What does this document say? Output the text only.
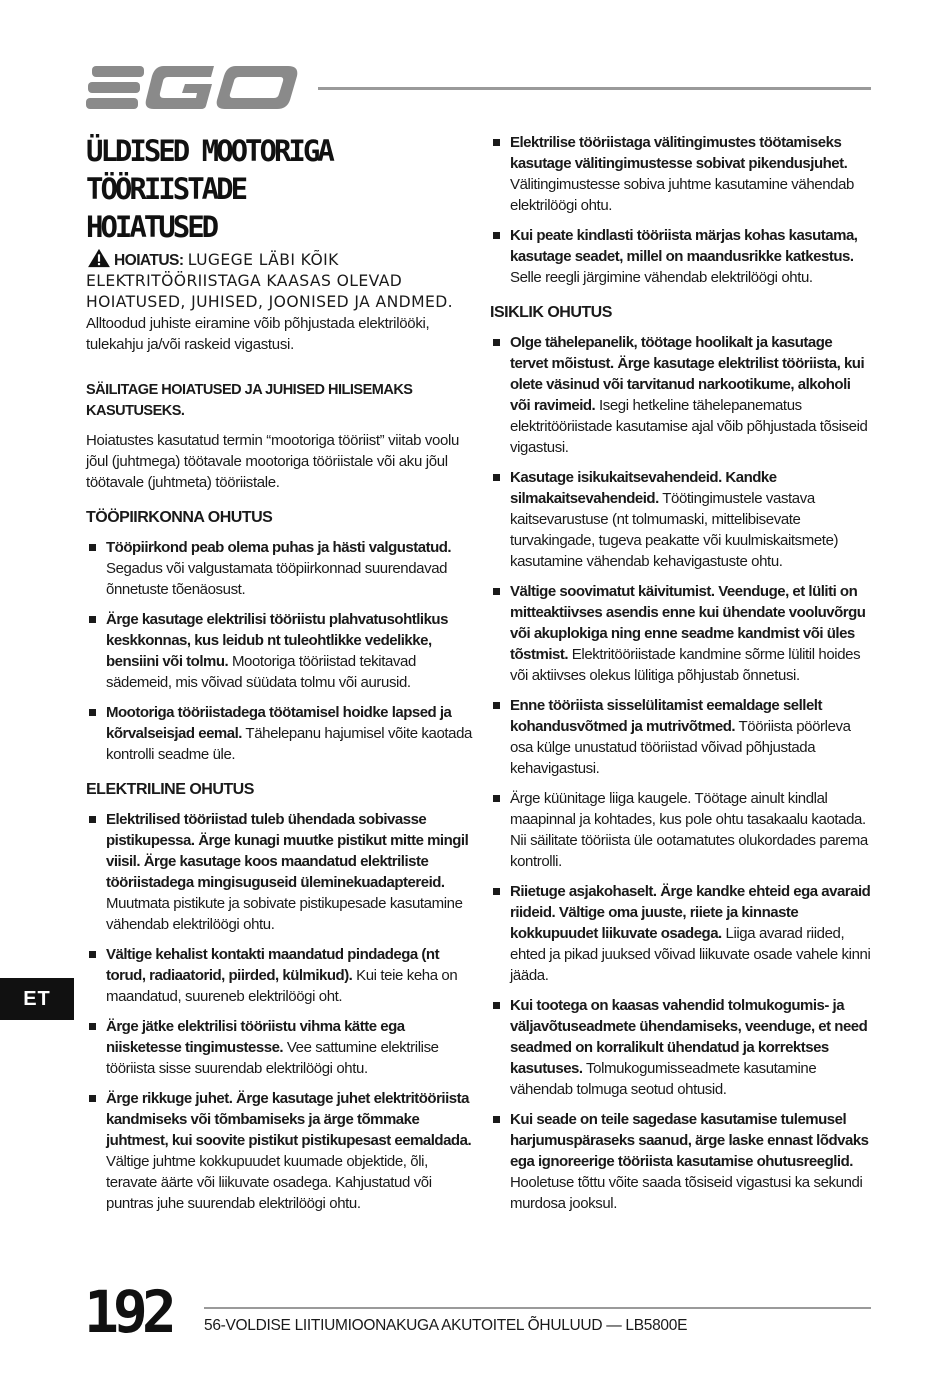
ÜLDISED MOOTORIGA TÖÖRIISTADE
HOIATUSED
HOIATUS: LUGEGE LÄBI KÕIK ELEKTRITÖÖRIISTAGA KAASAS OLEVAD HOIATUSED, JUHISED, JOONISED JA ANDMED. Alltoodud juhiste eiramine võib põhjustada elektrilööki, tulekahju ja/või raskeid vigastusi.

SÄILITAGE HOIATUSED JA JUHISED HILISEMAKS KASUTUSEKS.

Hoiatustes kasutatud termin “mootoriga tööriist” viitab voolu jõul (juhtmega) töötavale mootoriga tööriistale või aku jõul töötavale (juhtmeta) tööriistale.

TÖÖPIIRKONNA OHUTUS

Tööpiirkond peab olema puhas ja hästi valgustatud. Segadus või valgustamata tööpiirkonnad suurendavad õnnetuste tõenäosust.
Ärge kasutage elektrilisi tööriistu plahvatusohtlikus keskkonnas, kus leidub nt tuleohtlikke vedelikke, bensiini või tolmu. Mootoriga tööriistad tekitavad sädemeid, mis võivad süüdata tolmu või aurusid.
Mootoriga tööriistadega töötamisel hoidke lapsed ja kõrvalseisjad eemal. Tähelepanu hajumisel võite kaotada kontrolli seadme üle.

ELEKTRILINE OHUTUS

Elektrilised tööriistad tuleb ühendada sobivasse pistikupessa. Ärge kunagi muutke pistikut mitte mingil viisil. Ärge kasutage koos maandatud elektriliste tööriistadega mingisuguseid üleminekuadaptereid. Muutmata pistikute ja sobivate pistikupesade kasutamine vähendab elektrilöögi ohtu.
Vältige kehalist kontakti maandatud pindadega (nt torud, radiaatorid, piirded, külmikud). Kui teie keha on maandatud, suureneb elektrilöögi oht.
Ärge jätke elektrilisi tööriistu vihma kätte ega niisketesse tingimustesse. Vee sattumine elektrilise tööriista sisse suurendab elektrilöögi ohtu.
Ärge rikkuge juhet. Ärge kasutage juhet elektritööriista kandmiseks või tõmbamiseks ja ärge tõmmake juhtmest, kui soovite pistikut pistikupesast eemaldada. Vältige juhtme kokkupuudet kuumade objektide, õli, teravate äärte või liikuvate osadega. Kahjustatud või puntras juhe suurendab elektrilöögi ohtu.
Elektrilise tööriistaga välitingimustes töötamiseks kasutage välitingimustesse sobivat pikendusjuhet. Välitingimustesse sobiva juhtme kasutamine vähendab elektrilöögi ohtu.
Kui peate kindlasti tööriista märjas kohas kasutama, kasutage seadet, millel on maandusrikke katkestus. Selle reegli järgimine vähendab elektrilöögi ohtu.

ISIKLIK OHUTUS

Olge tähelepanelik, töötage hoolikalt ja kasutage tervet mõistust. Ärge kasutage elektrilist tööriista, kui olete väsinud või tarvitanud narkootikume, alkoholi või ravimeid. Isegi hetkeline tähelepanematus elektritööriistade kasutamise ajal võib põhjustada tõsiseid vigastusi.
Kasutage isikukaitsevahendeid. Kandke silmakaitsevahendeid. Töötingimustele vastava kaitsevarustuse (nt tolmumaski, mittelibisevate turvakingade, tugeva peakatte või kuulmiskaitsmete) kasutamine vähendab kehavigastuste ohtu.
Vältige soovimatut käivitumist. Veenduge, et lüliti on mitteaktiivses asendis enne kui ühendate vooluvõrgu või akuplokiga ning enne seadme kandmist või üles tõstmist. Elektritööriistade kandmine sõrme lülitil hoides või aktiivses olekus lülitiga põhjustab õnnetusi.
Enne tööriista sisselülitamist eemaldage sellelt kohandusvõtmed ja mutrivõtmed. Tööriista pöörleva osa külge unustatud tööriistad võivad põhjustada kehavigastusi.
Ärge küünitage liiga kaugele. Töötage ainult kindlal maapinnal ja kohtades, kus pole ohtu tasakaalu kaotada. Nii säilitate tööriista üle ootamatutes olukordades parema kontrolli.
Riietuge asjakohaselt. Ärge kandke ehteid ega avaraid riideid. Vältige oma juuste, riiete ja kinnaste kokkupuudet liikuvate osadega. Liiga avarad riided, ehted ja pikad juuksed võivad liikuvate osade vahele kinni jääda.
Kui tootega on kaasas vahendid tolmukogumis- ja väljavõtuseadmete ühendamiseks, veenduge, et need seadmed on korralikult ühendatud ja korrektses kasutuses. Tolmukogumisseadmete kasutamine vähendab tolmuga seotud ohtusid.
Kui seade on teile sagedase kasutamise tulemusel harjumuspäraseks saanud, ärge laske ennast lõdvaks ega ignoreerige tööriista kasutamise ohutusreeglid. Hooletuse tõttu võite saada tõsiseid vigastusi ka sekundi murdosa jooksul.
ET
192 56-VOLDISE LIITIUMIOONAKUGA AKUTOITEL ÕHULUUD — LB5800E
